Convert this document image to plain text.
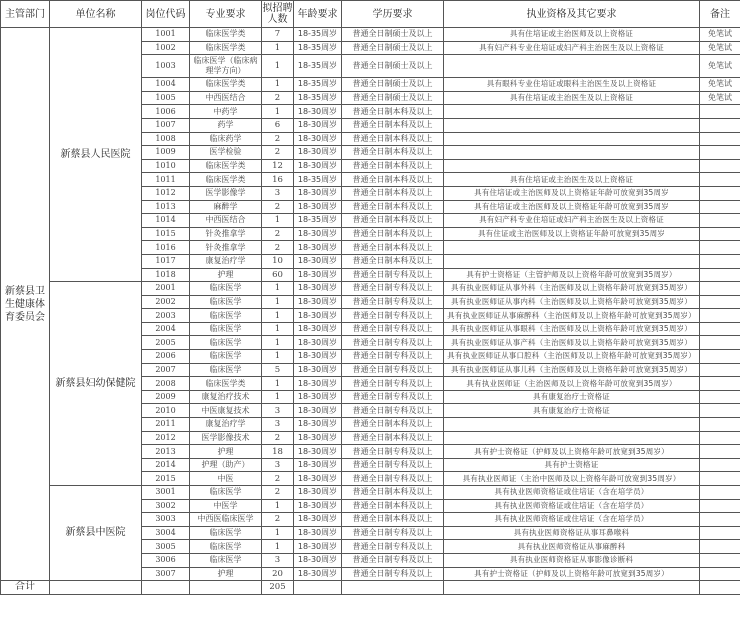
主管部门	单位名称	岗位代码	专业要求	拟招聘人数	年龄要求	学历要求	执业资格及其它要求	备注
新蔡县卫生健康体育委员会	新蔡县人民医院	1001	临床医学类	7	18-35周岁	普通全日制硕士及以上	具有住培证或主治医师及以上资格证	免笔试
		1002	临床医学类	1	18-35周岁	普通全日制硕士及以上	具有妇产科专业住培证或妇产科主治医生及以上资格证	免笔试
		1003	临床医学（临床病理学方向）	1	18-35周岁	普通全日制硕士及以上		免笔试
		1004	临床医学类	1	18-35周岁	普通全日制硕士及以上	具有眼科专业住培证或眼科主治医生及以上资格证	免笔试
		1005	中西医结合	2	18-35周岁	普通全日制硕士及以上	具有住培证或主治医生及以上资格证	免笔试
		1006	中药学	1	18-30周岁	普通全日制本科及以上		
		1007	药学	6	18-30周岁	普通全日制本科及以上		
		1008	临床药学	2	18-30周岁	普通全日制本科及以上		
		1009	医学检验	2	18-30周岁	普通全日制本科及以上		
		1010	临床医学类	12	18-30周岁	普通全日制本科及以上		
		1011	临床医学类	16	18-35周岁	普通全日制本科及以上	具有住培证或主治医生及以上资格证	
		1012	医学影像学	3	18-30周岁	普通全日制本科及以上	具有住培证或主治医师及以上资格证年龄可放宽到35周岁	
		1013	麻醉学	2	18-30周岁	普通全日制本科及以上	具有住培证或主治医师及以上资格证年龄可放宽到35周岁	
		1014	中西医结合	1	18-35周岁	普通全日制本科及以上	具有妇产科专业住培证或妇产科主治医生及以上资格证	
		1015	针灸推拿学	2	18-30周岁	普通全日制本科及以上	具有住证或主治医师及以上资格证年龄可放宽到35周岁	
		1016	针灸推拿学	2	18-30周岁	普通全日制本科及以上		
		1017	康复治疗学	10	18-30周岁	普通全日制本科及以上		
		1018	护理	60	18-30周岁	普通全日制专科及以上	具有护士资格证（主管护师及以上资格年龄可放宽到35周岁）	
	新蔡县妇幼保健院	2001	临床医学	1	18-30周岁	普通全日制专科及以上	具有执业医师证从事外科（主治医师及以上资格年龄可放宽到35周岁）	
		2002	临床医学	1	18-30周岁	普通全日制专科及以上	具有执业医师证从事内科（主治医师及以上资格年龄可放宽到35周岁）	
		2003	临床医学	1	18-30周岁	普通全日制专科及以上	具有执业医师证从事麻醉科（主治医师及以上资格年龄可放宽到35周岁）	
		2004	临床医学	1	18-30周岁	普通全日制专科及以上	具有执业医师证从事眼科（主治医师及以上资格年龄可放宽到35周岁）	
		2005	临床医学	1	18-30周岁	普通全日制专科及以上	具有执业医师证从事产科（主治医师及以上资格年龄可放宽到35周岁）	
		2006	临床医学	1	18-30周岁	普通全日制专科及以上	具有执业医师证从事口腔科（主治医师及以上资格年龄可放宽到35周岁）	
		2007	临床医学	5	18-30周岁	普通全日制专科及以上	具有执业医师证从事儿科（主治医师及以上资格年龄可放宽到35周岁）	
		2008	临床医学类	1	18-30周岁	普通全日制专科及以上	具有执业医师证（主治医师及以上资格年龄可放宽到35周岁）	
		2009	康复治疗技术	1	18-30周岁	普通全日制专科及以上	具有康复治疗士资格证	
		2010	中医康复技术	3	18-30周岁	普通全日制专科及以上	具有康复治疗士资格证	
		2011	康复治疗学	3	18-30周岁	普通全日制本科及以上		
		2012	医学影像技术	2	18-30周岁	普通全日制本科及以上		
		2013	护理	18	18-30周岁	普通全日制专科及以上	具有护士资格证（护师及以上资格年龄可放宽到35周岁）	
		2014	护理（助产）	3	18-30周岁	普通全日制专科及以上	具有护士资格证	
		2015	中医	2	18-30周岁	普通全日制专科及以上	具有执业医师证（主治中医师及以上资格年龄可放宽到35周岁）	
	新蔡县中医院	3001	临床医学	2	18-30周岁	普通全日制本科及以上	具有执业医师资格证或住培证（含在培学员）	
		3002	中医学	1	18-30周岁	普通全日制本科及以上	具有执业医师资格证或住培证（含在培学员）	
		3003	中西医临床医学	2	18-30周岁	普通全日制本科及以上	具有执业医师资格证或住培证（含在培学员）	
		3004	临床医学	1	18-30周岁	普通全日制专科及以上	具有执业医师资格证从事耳鼻喉科	
		3005	临床医学	1	18-30周岁	普通全日制专科及以上	具有执业医师资格证从事麻醉科	
		3006	临床医学	3	18-30周岁	普通全日制专科及以上	具有执业医师资格证从事影像诊断科	
		3007	护理	20	18-30周岁	普通全日制专科及以上	具有护士资格证（护师及以上资格年龄可放宽到35周岁）	
合计				205				
